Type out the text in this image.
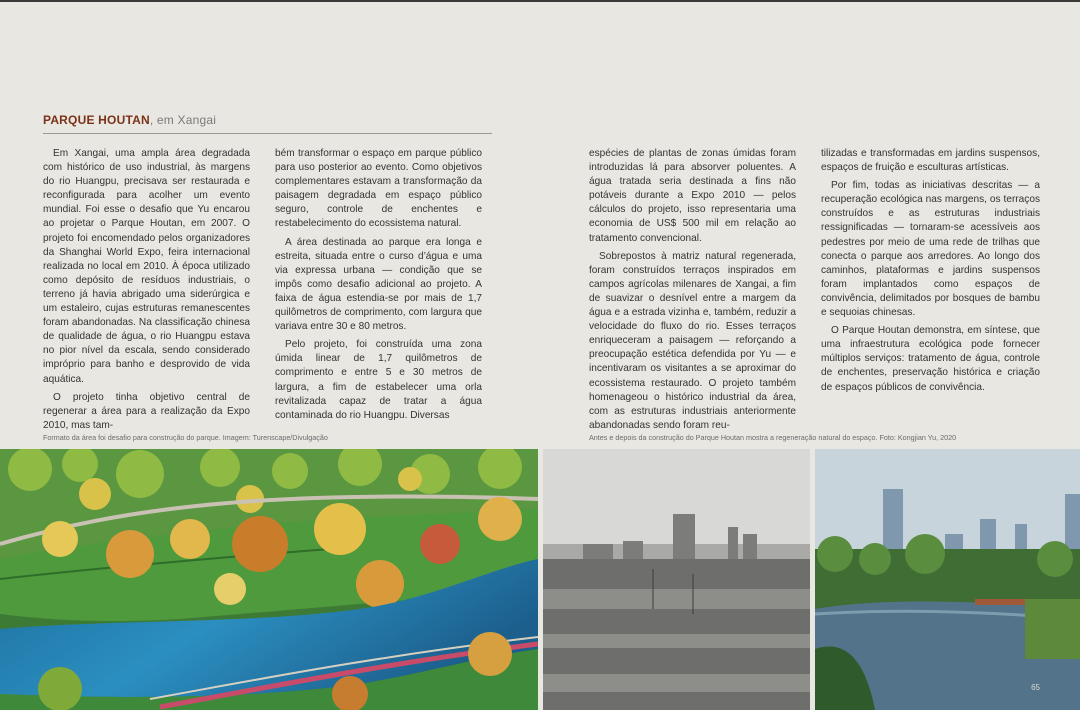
PARQUE HOUTAN, em Xangai

Em Xangai, uma ampla área degradada com histórico de uso industrial, às margens do rio Huangpu, precisava ser restaurada e reconfigurada para acolher um evento mundial. Foi esse o desafio que Yu encarou ao projetar o Parque Houtan, em 2007. O projeto foi encomendado pelos organizadores da Shanghai World Expo, feira internacional realizada no local em 2010. À época utilizado como depósito de resíduos industriais, o terreno já havia abrigado uma siderúrgica e um estaleiro, cujas estruturas remanescentes foram abandonadas. Na classificação chinesa de qualidade de água, o rio Huangpu estava no pior nível da escala, sendo considerado impróprio para banho e desprovido de vida aquática.

O projeto tinha objetivo central de regenerar a área para a realização da Expo 2010, mas tam-

bém transformar o espaço em parque público para uso posterior ao evento. Como objetivos complementares estavam a transformação da paisagem degradada em espaço público seguro, controle de enchentes e restabelecimento do ecossistema natural.

A área destinada ao parque era longa e estreita, situada entre o curso d’água e uma via expressa urbana — condição que se impôs como desafio adicional ao projeto. A faixa de água estendia-se por mais de 1,7 quilômetros de comprimento, com largura que variava entre 30 e 80 metros.

Pelo projeto, foi construída uma zona úmida linear de 1,7 quilômetros de comprimento e entre 5 e 30 metros de largura, a fim de estabelecer uma orla revitalizada capaz de tratar a água contaminada do rio Huangpu. Diversas

espécies de plantas de zonas úmidas foram introduzidas lá para absorver poluentes. A água tratada seria destinada a fins não potáveis durante a Expo 2010 — pelos cálculos do projeto, isso representaria uma economia de US$ 500 mil em relação ao tratamento convencional.

Sobrepostos à matriz natural regenerada, foram construídos terraços inspirados em campos agrícolas milenares de Xangai, a fim de suavizar o desnível entre a margem da água e a estrada vizinha e, também, reduzir a velocidade do fluxo do rio. Esses terraços enriqueceram a paisagem — reforçando a preocupação estética defendida por Yu — e incentivaram os visitantes a se aproximar do ecossistema restaurado. O projeto também homenageou o histórico industrial da área, com as estruturas industriais anteriormente abandonadas sendo foram reu-

tilizadas e transformadas em jardins suspensos, espaços de fruição e esculturas artísticas.

Por fim, todas as iniciativas descritas — a recuperação ecológica nas margens, os terraços construídos e as estruturas industriais ressignificadas — tornaram-se acessíveis aos pedestres por meio de uma rede de trilhas que conecta o parque aos arredores. Ao longo dos caminhos, plataformas e jardins suspensos foram implantados como espaços de convivência, delimitados por bosques de bambu e sequoias chinesas.

O Parque Houtan demonstra, em síntese, que uma infraestrutura ecológica pode fornecer múltiplos serviços: tratamento de água, controle de enchentes, preservação histórica e criação de espaços públicos de convivência.

Formato da área foi desafio para construção do parque. Imagem: Turenscape/Divulgação	Antes e depois da construção do Parque Houtan mostra a regeneração natural do espaço. Foto: Kongjian Yu, 2020
65
